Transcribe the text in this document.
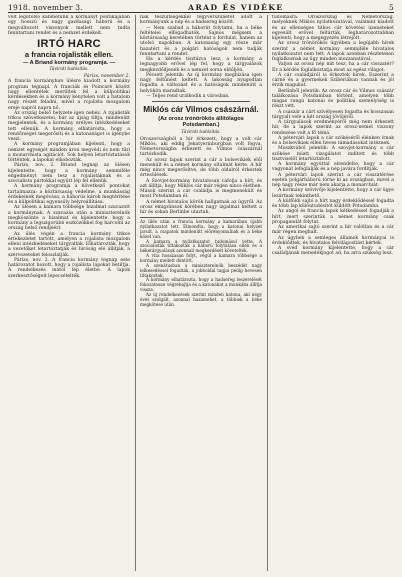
1918. november 3.	ARAD ÉS VIDÉKE	5

volt legutolsó kabinetünk a kormányt politikájában egy hosszú és nagy gazdasági háború és a megváltozott viszonyok mellett nem tudta fenntartani rendet és a nemzet érdekeit.

IRTÓ HARC
a francia rojalisták ellen.
— A Briand kormány programja. —
Távirati tudósítás.

Párizs, november 2.

A francia kormányban ülésre kiadott a kormány program tegnapi. A franciák és Poincaré között nagy ellentétek merültek fel a külpolitikai kérdésekben és a kormány kénytelen volt a hatalom nagy részét feladni, mivel a rojalista mozgalom ereje napról napra nő.

Az ország belső helyzete igen nehéz. A rojalisták titkos szövetkezetei, bár az újság tiltja, mindenütt megjelentek, és a kormány erélyes intézkedéseket tett ellenük. A kormány elhatározta, hogy a rendőrséget megerősíti és a katonaságot is igénybe veszi.

A kormány programjában kijelenti, hogy a nemzet egységét minden áron megvédi és nem tűri a monarchista agitációt. Sok helyen letartóztatások történtek, a lapokat elkobozták.

Párizs, nov. 2. Briand tegnap az ülésen kijelentette, hogy a kormány semmiféle engedményt nem tesz a rojalistáknak és a szocialista pártokkal együtt lép fel ellenük.

A kormány programja a következő pontokat tartalmazza: a köztársaság védelme, a munkásság érdekeinek megóvása, a háborús károk megtérítése és a külpolitikai egyensúly helyreállítása.

Az ülésen a kamara többsége bizalmat szavazott a kormánynak. A szavazás után a miniszterelnök megköszönte a bizalmat és kijelentette, hogy a kormány a legszigorúbb eszközökkel fog harcolni az ország belső rendjéért.

Az ülés végén a francia kormány titkos értekezletet tartott, amelyen a rojalista mozgalom elleni intézkedéseket tárgyalták. Elhatározták, hogy a vezetőket letartóztatják és bíróság elé állítják, a szervezeteket feloszlatják.

Párizs, nov. 2. A francia kormány tegnap este határozatot hozott, hogy a rojalista lapokat betiltja. A rendelkezés mától lép életbe. A lapok szerkesztőségeit lepecsételték.

nak feszültségekkel fegyverszünetet adott a kormányunk a nép és a hadsereg között.

— Nem szabad a háborút folytatni, ha a béke feltételei elfogadhatók. Sajnos mégsem a köztársaság keretében történt a fordulat, hanem az utolsó napokban. A katonaság egy része már hazatért és a polgári hatóságok nem tudják fenntartani a rendet.

Ha a kérdés tisztázva lesz, a kormány a legnagyobb erővel lép fel, hogy a tárgyalások megkezdődjenek és a nemzet sorsa eldőljön.

Pécsett jelentik: Az új kormány megbízása igen nagy feltűnést keltett. A lakosság nyugodtan fogadta a változást és a hatóságok mindenütt a helyükön maradtak.

— Teljes rend uralkodik a városban.

Miklós cár Vilmos császárnál.
(Az orosz trónörökös állítólagos Potsdamban.)
Távirati tudósítás.

Oroszországból a hír érkezett, hogy a volt cár Miklós, aki eddig Jekatyerinburgban volt fogva, Németországba érkezett és Vilmos császárnál tartózkodik.

Az orosz lapok szerint a cár a bolsevikiek elől menekült és a német kormány oltalmát kérte. A hír még nincs megerősítve, de több oldalról érkeztek értesülések.

A Szovjet-kormány hivatalosan cáfolja a hírt, és azt állítja, hogy Miklós cár már régen nincs életben. Mások szerint a cár családja is megmenekült és most Potsdamban él.

A német hivatalos körök hallgatnak az ügyről. Az orosz emigránsok körében nagy izgalmat keltett a hír és sokan Berlinbe utaztak.

Az ülés után a francia kormány a kamarában újabb nyilatkozatot tett. Elmondta, hogy a katonai helyzet javult, a csapatok mindenütt előrenyomulnak és a béke közel van.

A kamara a nyilatkozatot tudomásul vette. A szocialisták tiltakoztak a háború folytatása ellen és a béketárgyalások azonnali megkezdését követelték.

A vita hosszasan folyt, végül a kamara többsége a kormány mellett döntött.

A szenátusban a miniszterelnök beszédét nagy lelkesedéssel fogadták, a jobboldal tagjai pedig hevesen tiltakoztak.

A kormány elhatározta, hogy a hadsereg leszerelését fokozatosan végrehajtja és a katonákat a munkába állítja vissza.

Az új rendelkezések szerint minden katona, aki négy évet szolgált, azonnal hazamehet, a többiek a béke megkötése után.

tudomásra. Oroszország és Németország, melyeknek Miklós nyilatkozatával, valamint kiadott és az ellenséges titkos cár követési üzeneteket egyesült erővel feltárták, leghatározottabban kijelenti, hogy a megegyezés létrejött.

Az orosz trónörökös ügyében a legújabb hírek szerint a német kormány semmiféle hivatalos nyilatkozatot nem tett. A lapok azonban részletesen foglalkoznak az ügy minden mozzanatával.

Valjon az orosz nép mit tesz, ha a cár visszatér? Ez a kérdés foglalkoztatja most az egész világot.

A cár családjáról is érkeztek hírek. Eszerint a cárné és a gyermekek Szibériában vannak és jól érzik magukat.

Berlinből jelentik: Az orosz cár és Vilmos császár találkozása Potsdamban történt, amelyen több magas rangú katonai és politikai személyiség is részt vett.

A császár a cárt szívélyesen fogadta és hosszasan tárgyalt vele a két ország jövőjéről.

A tárgyalások eredményéről még nem érkezett hír, de a lapok szerint az orosz-német viszony rendezése volt a fő téma.

A pétervári lapok a cár szökéséről élénken írnak és a bolsevikiek ellen heves támadásokat intéznek.

Moszkvából jelentik: A szovjet-kormány a cár szökése miatt vizsgálatot indított és több tisztviselőt letartóztatott.

A kormány egyúttal elrendelte, hogy a cár vagyonát lefoglalják és a nép javára fordítják.

A pétervári lapok szerint a cár visszatérése esetén polgárháború törne ki az országban, mivel a nép nagy része már nem akarja a monarchiát.

A kormány szóvivője kijelentette, hogy a cár ügye lezártnak tekinthető.

A külföldi sajtó a hírt nagy érdeklődéssel fogadta és több lap különtudósítót küldött Potsdamba.

Az angol és francia lapok kétkedéssel fogadják a hírt, mert szerintük a német kormány csak propagandát folytat.

Az amerikai sajtó szerint a hír valótlan és a cár már régen meghalt.

Az ügyben a semleges államok kormányai is érdeklődtek, és hivatalos felvilágosítást kértek.

A svéd kormány kijelentette, hogy a cár családjának menedékjogot ad, ha arra szükség lesz.
